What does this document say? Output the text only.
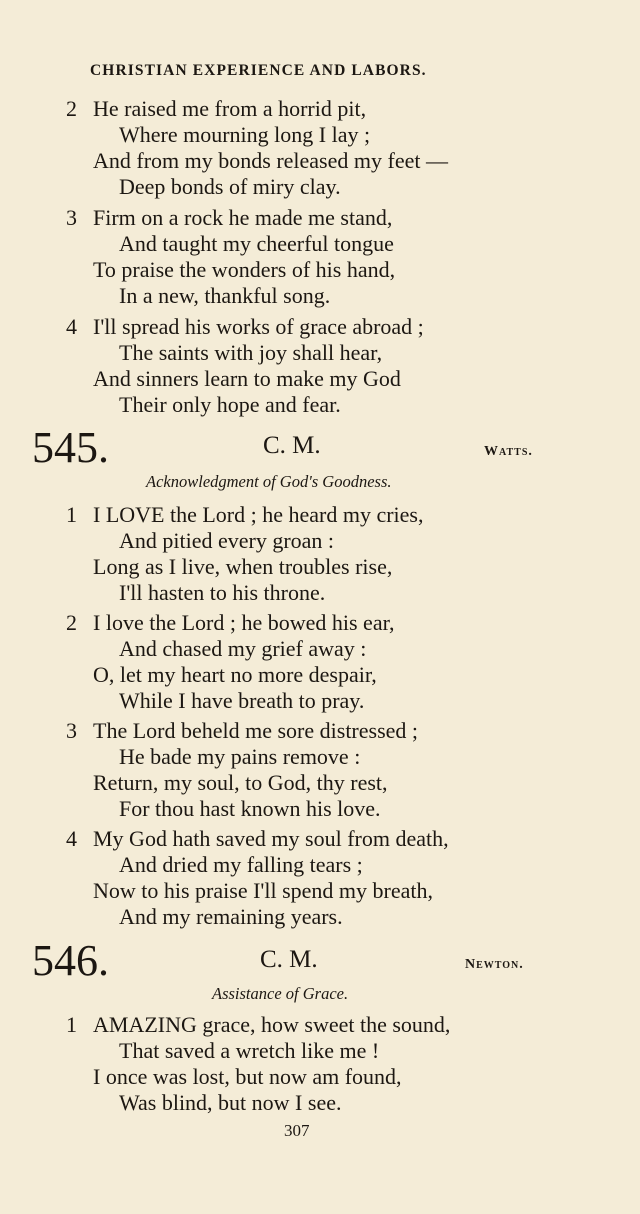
CHRISTIAN EXPERIENCE AND LABORS.
2 He raised me from a horrid pit,
Where mourning long I lay ;
And from my bonds released my feet —
Deep bonds of miry clay.
3 Firm on a rock he made me stand,
And taught my cheerful tongue
To praise the wonders of his hand,
In a new, thankful song.
4 I'll spread his works of grace abroad ;
The saints with joy shall hear,
And sinners learn to make my God
Their only hope and fear.
545.	C. M.	Watts.
Acknowledgment of God's Goodness.
1 I LOVE the Lord ; he heard my cries,
And pitied every groan :
Long as I live, when troubles rise,
I'll hasten to his throne.
2 I love the Lord ; he bowed his ear,
And chased my grief away :
O, let my heart no more despair,
While I have breath to pray.
3 The Lord beheld me sore distressed ;
He bade my pains remove :
Return, my soul, to God, thy rest,
For thou hast known his love.
4 My God hath saved my soul from death,
And dried my falling tears ;
Now to his praise I'll spend my breath,
And my remaining years.
546.	C. M.	Newton.
Assistance of Grace.
1 AMAZING grace, how sweet the sound,
That saved a wretch like me !
I once was lost, but now am found,
Was blind, but now I see.
307
